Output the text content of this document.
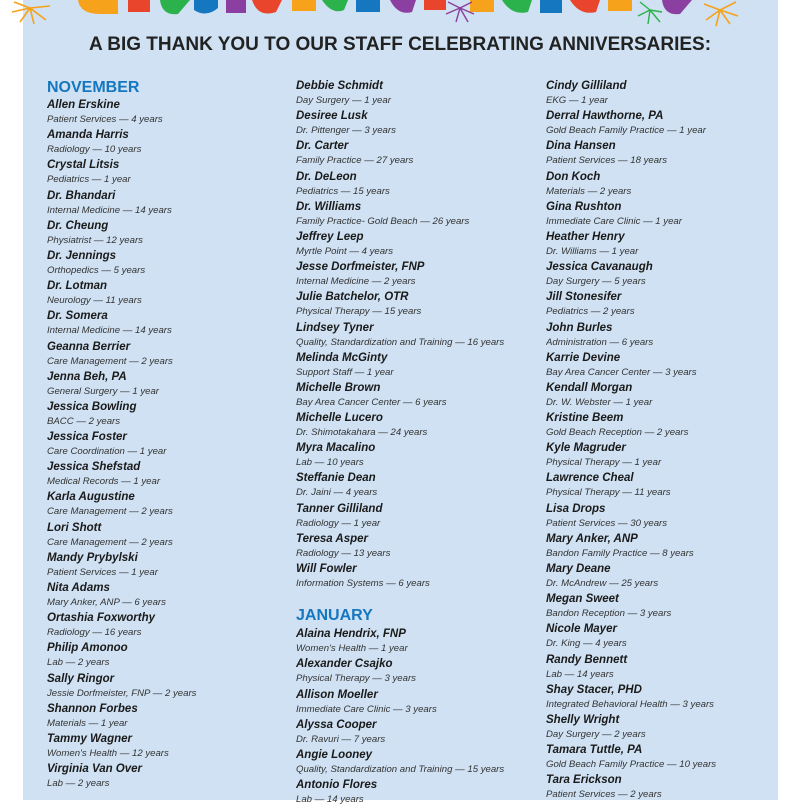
A BIG THANK YOU TO OUR STAFF CELEBRATING ANNIVERSARIES:
NOVEMBER
Allen Erskine
Patient Services — 4 years
Amanda Harris
Radiology — 10 years
Crystal Litsis
Pediatrics — 1 year
Dr. Bhandari
Internal Medicine — 14 years
Dr. Cheung
Physiatrist — 12 years
Dr. Jennings
Orthopedics — 5 years
Dr. Lotman
Neurology — 11 years
Dr. Somera
Internal Medicine — 14 years
Geanna Berrier
Care Management — 2 years
Jenna Beh, PA
General Surgery — 1 year
Jessica Bowling
BACC — 2 years
Jessica Foster
Care Coordination — 1 year
Jessica Shefstad
Medical Records — 1 year
Karla Augustine
Care Management — 2 years
Lori Shott
Care Management — 2 years
Mandy Prybylski
Patient Services — 1 year
Nita Adams
Mary Anker, ANP — 6 years
Ortashia Foxworthy
Radiology — 16 years
Philip Amonoo
Lab — 2 years
Sally Ringor
Jessie Dorfmeister, FNP — 2 years
Shannon Forbes
Materials — 1 year
Tammy Wagner
Women's Health — 12 years
Virginia Van Over
Lab — 2 years
Debbie Schmidt
Day Surgery — 1 year
Desiree Lusk
Dr. Pittenger — 3 years
Dr. Carter
Family Practice — 27 years
Dr. DeLeon
Pediatrics — 15 years
Dr. Williams
Family Practice- Gold Beach — 26 years
Jeffrey Leep
Myrtle Point — 4 years
Jesse Dorfmeister, FNP
Internal Medicine — 2 years
Julie Batchelor, OTR
Physical Therapy — 15 years
Lindsey Tyner
Quality, Standardization and Training — 16 years
Melinda McGinty
Support Staff — 1 year
Michelle Brown
Bay Area Cancer Center — 6 years
Michelle Lucero
Dr. Shimotakahara — 24 years
Myra Macalino
Lab — 10 years
Steffanie Dean
Dr. Jaini — 4 years
Tanner Gilliland
Radiology — 1 year
Teresa Asper
Radiology — 13 years
Will Fowler
Information Systems — 6 years
JANUARY
Alaina Hendrix, FNP
Women's Health — 1 year
Alexander Csajko
Physical Therapy — 3 years
Allison Moeller
Immediate Care Clinic — 3 years
Alyssa Cooper
Dr. Ravuri — 7 years
Angie Looney
Quality, Standardization and Training — 15 years
Antonio Flores
Lab — 14 years
Cindy Gilliland
EKG — 1 year
Derral Hawthorne, PA
Gold Beach Family Practice — 1 year
Dina Hansen
Patient Services — 18 years
Don Koch
Materials — 2 years
Gina Rushton
Immediate Care Clinic — 1 year
Heather Henry
Dr. Williams — 1 year
Jessica Cavanaugh
Day Surgery — 5 years
Jill Stonesifer
Pediatrics — 2 years
John Burles
Administration — 6 years
Karrie Devine
Bay Area Cancer Center — 3 years
Kendall Morgan
Dr. W. Webster — 1 year
Kristine Beem
Gold Beach Reception — 2 years
Kyle Magruder
Physical Therapy — 1 year
Lawrence Cheal
Physical Therapy — 11 years
Lisa Drops
Patient Services — 30 years
Mary Anker, ANP
Bandon Family Practice — 8 years
Mary Deane
Dr. McAndrew — 25 years
Megan Sweet
Bandon Reception — 3 years
Nicole Mayer
Dr. King — 4 years
Randy Bennett
Lab — 14 years
Shay Stacer, PHD
Integrated Behavioral Health — 3 years
Shelly Wright
Day Surgery — 2 years
Tamara Tuttle, PA
Gold Beach Family Practice — 10 years
Tara Erickson
Patient Services — 2 years
